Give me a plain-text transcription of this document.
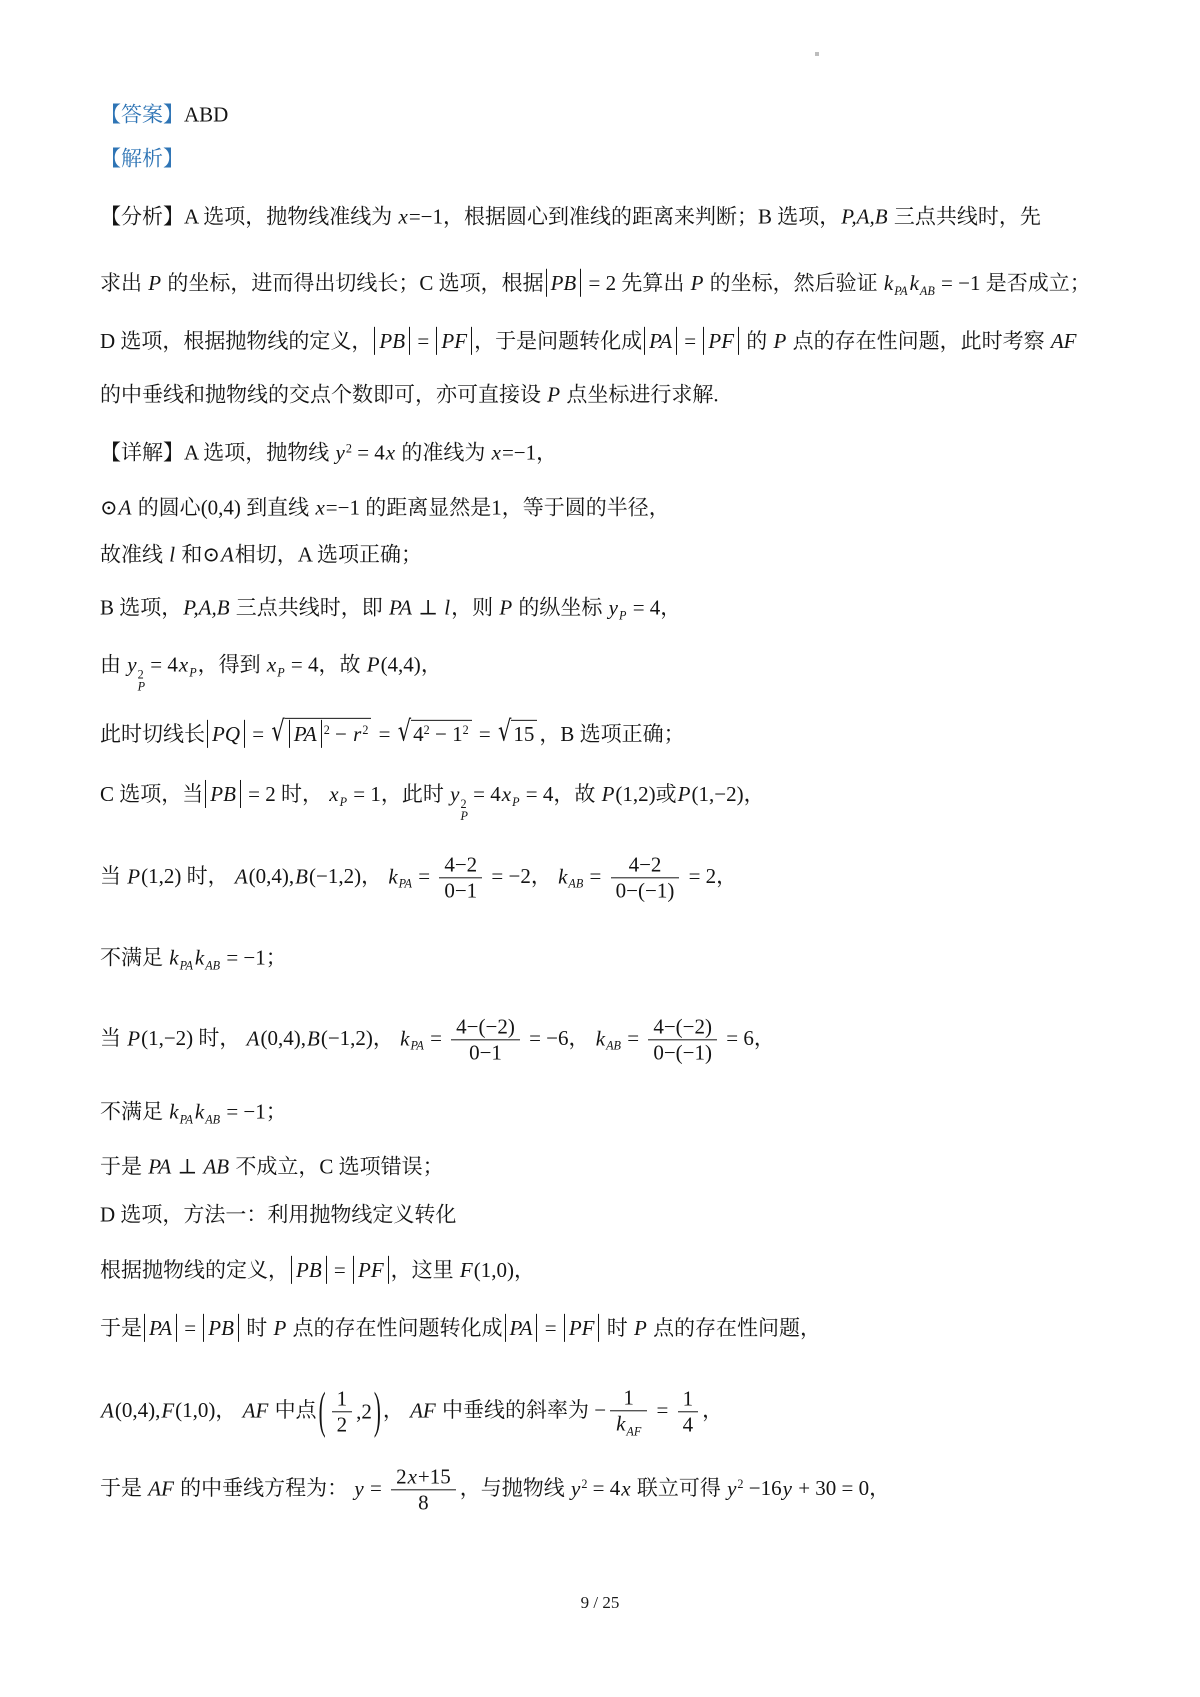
【答案】ABD
【解析】
【分析】A 选项，抛物线准线为 x=−1，根据圆心到准线的距离来判断；B 选项，P,A,B 三点共线时，先
求出 P 的坐标，进而得出切线长；C 选项，根据 PB = 2 先算出 P 的坐标，然后验证 $k_{PA}k_{AB} = -1$ 是否成立；
D 选项，根据抛物线的定义， PB = PF ，于是问题转化成 PA = PF 的 P 点的存在性问题，此时考察 AF
的中垂线和抛物线的交点个数即可，亦可直接设 P 点坐标进行求解.
【详解】A 选项，抛物线 $y^2 = 4x$ 的准线为 x=−1，
⊙A 的圆心(0,4) 到直线 x=−1 的距离显然是1，等于圆的半径，
故准线 l 和⊙A相切，A 选项正确；
B 选项，P,A,B 三点共线时，即 PA ⊥ l，则 P 的纵坐标 $y_P = 4$，
由 y 2
P
= $4x_P$，得到 $x_P = 4$，故 P(4,4)，
此时切线长 PQ = √ PA $^2 - r^2 = √4^2 - 1^2 = √15$ ，B 选项正确；
C 选项，当 PB = 2 时， $x_P = 1$，此时 y 2
P
= $4x_P = 4$，故 P(1,2)或P(1,−2)，
当 P(1,2) 时， A(0,4),B(−1,2)， $k_{PA} = \frac{4-2}{0-1} = -2$， $k_{AB} = \frac{4-2}{0-(-1)} = 2$，
不满足 $k_{PA}k_{AB} = -1$；
当 P(1,−2) 时， A(0,4),B(−1,2)， $k_{PA} = \frac{4-(-2)}{0-1} = -6$， $k_{AB} = \frac{4-(-2)}{0-(-1)} = 6$，
不满足 $k_{PA}k_{AB} = -1$；
于是 PA ⊥ AB 不成立，C 选项错误；
D 选项，方法一：利用抛物线定义转化
根据抛物线的定义， PB = PF ，这里 F(1,0)，
于是 PA = PB 时 P 点的存在性问题转化成 PA = PF 时 P 点的存在性问题，
A(0,4),F(1,0)， AF 中点 ( $\frac{1}{2} ,2$ ) ， AF 中垂线的斜率为 − $\frac{1}{k_{AF}} = \frac{1}{4}$ ，
于是 AF 的中垂线方程为： $y = \frac{2x+15}{8}$ ，与抛物线 $y^2 = 4x$ 联立可得 $y^2 -16y + 30 = 0$，
9 / 25
